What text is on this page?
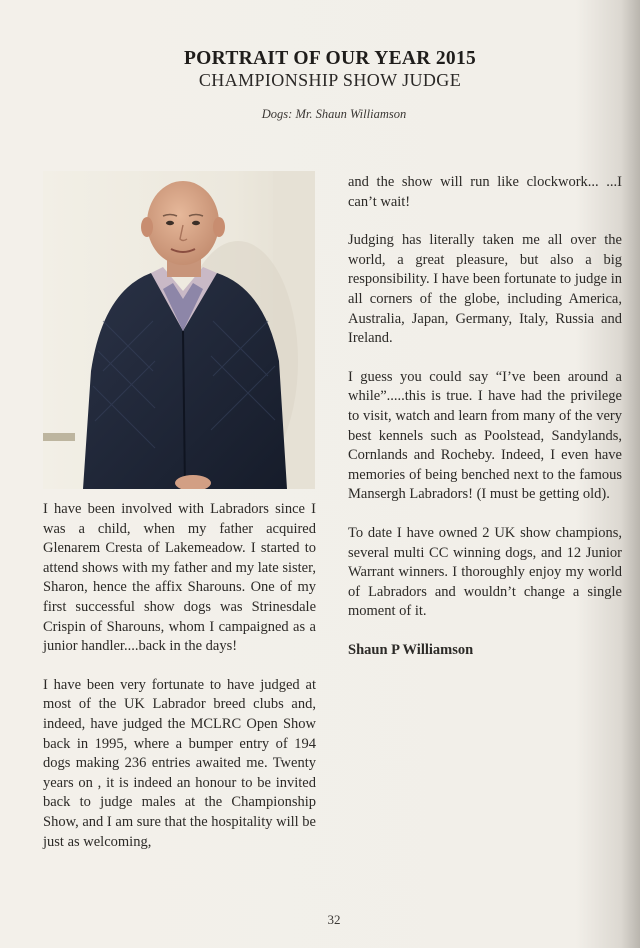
PORTRAIT OF OUR YEAR 2015
CHAMPIONSHIP SHOW JUDGE
Dogs: Mr. Shaun Williamson

I have been involved with Labradors since I was a child, when my father acquired Glenarem Cresta of Lakemeadow. I started to attend shows with my father and my late sister, Sharon, hence the affix Sharouns. One of my first successful show dogs was Strinesdale Crispin of Sharouns, whom I campaigned as a junior handler....back in the days!

I have been very fortunate to have judged at most of the UK Labrador breed clubs and, indeed, have judged the MCLRC Open Show back in 1995, where a bumper entry of 194 dogs making 236 entries awaited me. Twenty years on , it is indeed an honour to be invited back to judge males at the Championship Show, and I am sure that the hospitality will be just as welcoming,

and the show will run like clockwork... ...I can’t wait!

Judging has literally taken me all over the world, a great pleasure, but also a big responsibility. I have been fortunate to judge in all corners of the globe, including America, Australia, Japan, Germany, Italy, Russia and Ireland.

I guess you could say “I’ve been around a while”.....this is true. I have had the privilege to visit, watch and learn from many of the very best kennels such as Poolstead, Sandylands, Cornlands and Rocheby. Indeed, I even have memories of being benched next to the famous Mansergh Labradors! (I must be getting old).

To date I have owned 2 UK show champions, several multi CC winning dogs, and 12 Junior Warrant winners. I thoroughly enjoy my world of Labradors and wouldn’t change a single moment of it.

Shaun P Williamson

32
